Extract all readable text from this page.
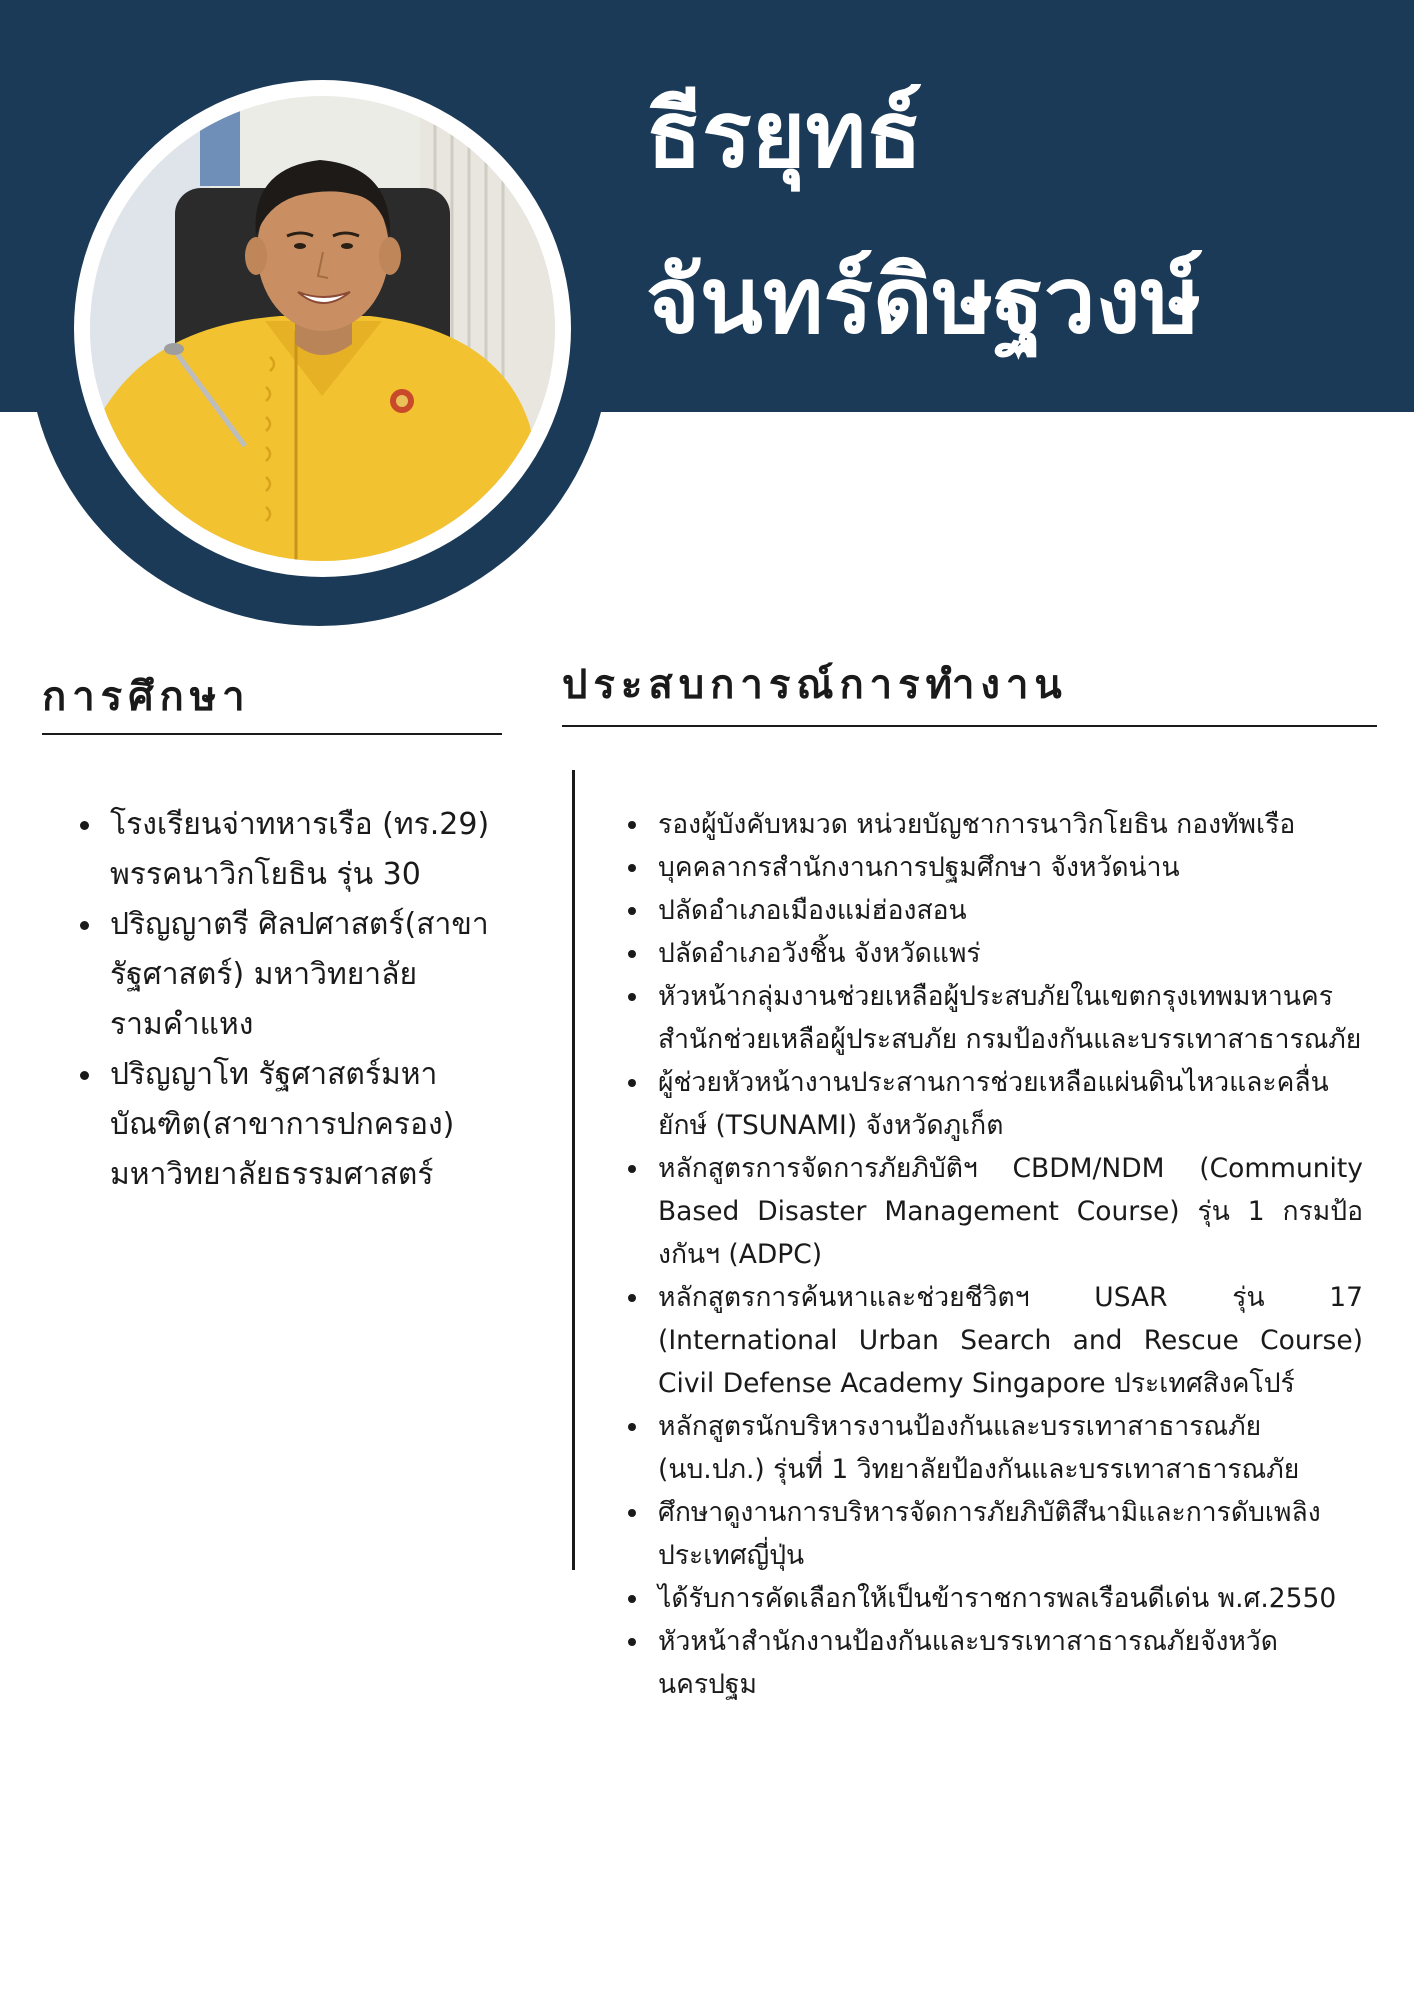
ธีรยุทธ์
จันทร์ดิษฐวงษ์
การศึกษา	ประสบการณ์การทำงาน
โรงเรียนจ่าทหารเรือ (ทร.29) พรรคนาวิกโยธิน รุ่น 30
ปริญญาตรี ศิลปศาสตร์(สาขารัฐศาสตร์) มหาวิทยาลัยรามคำแหง
ปริญญาโท รัฐศาสตร์มหาบัณฑิต(สาขาการปกครอง) มหาวิทยาลัยธรรมศาสตร์
รองผู้บังคับหมวด หน่วยบัญชาการนาวิกโยธิน กองทัพเรือ
บุคคลากรสำนักงานการปฐมศึกษา จังหวัดน่าน
ปลัดอำเภอเมืองแม่ฮ่องสอน
ปลัดอำเภอวังชิ้น จังหวัดแพร่
หัวหน้ากลุ่มงานช่วยเหลือผู้ประสบภัยในเขตกรุงเทพมหานคร สำนักช่วยเหลือผู้ประสบภัย กรมป้องกันและบรรเทาสาธารณภัย
ผู้ช่วยหัวหน้างานประสานการช่วยเหลือแผ่นดินไหวและคลื่นยักษ์ (TSUNAMI) จังหวัดภูเก็ต
หลักสูตรการจัดการภัยภิบัติฯ CBDM/NDM (Community Based Disaster Management Course) รุ่น 1 กรมป้องกันฯ (ADPC)
หลักสูตรการค้นหาและช่วยชีวิตฯ USAR รุ่น 17 (International Urban Search and Rescue Course) Civil Defense Academy Singapore ประเทศสิงคโปร์
หลักสูตรนักบริหารงานป้องกันและบรรเทาสาธารณภัย (นบ.ปภ.) รุ่นที่ 1 วิทยาลัยป้องกันและบรรเทาสาธารณภัย
ศึกษาดูงานการบริหารจัดการภัยภิบัติสึนามิและการดับเพลิงประเทศญี่ปุ่น
ได้รับการคัดเลือกให้เป็นข้าราชการพลเรือนดีเด่น พ.ศ.2550
หัวหน้าสำนักงานป้องกันและบรรเทาสาธารณภัยจังหวัดนครปฐม
